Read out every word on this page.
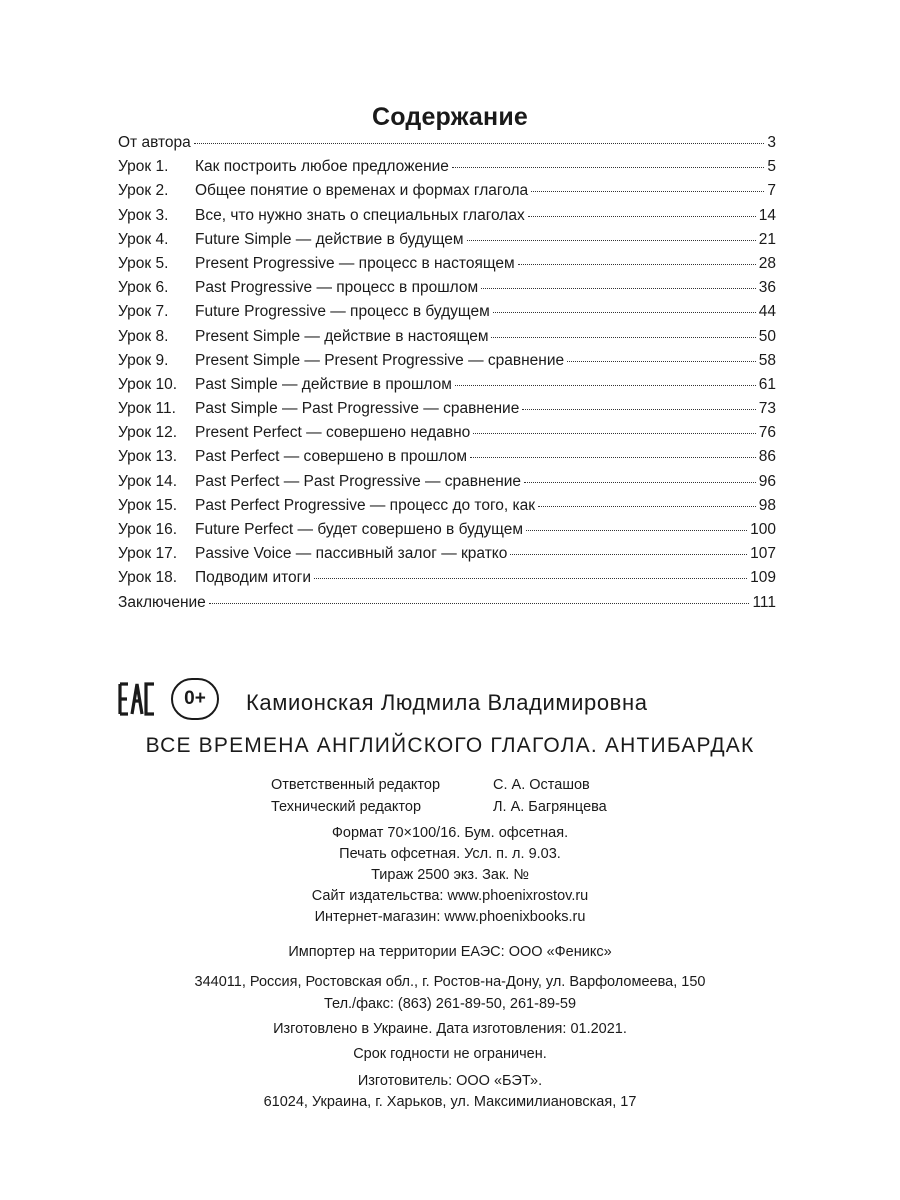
Содержание
От автора	3
Урок 1.	Как построить любое предложение	5
Урок 2.	Общее понятие о временах и формах глагола	7
Урок 3.	Все, что нужно знать о специальных глаголах	14
Урок 4.	Future Simple — действие в будущем	21
Урок 5.	Present Progressive — процесс в настоящем	28
Урок 6.	Past Progressive — процесс в прошлом	36
Урок 7.	Future Progressive — процесс в будущем	44
Урок 8.	Present Simple — действие в настоящем	50
Урок 9.	Present Simple — Present Progressive — сравнение	58
Урок 10.	Past Simple — действие в прошлом	61
Урок 11.	Past Simple — Past Progressive — сравнение	73
Урок 12.	Present Perfect — совершено недавно	76
Урок 13.	Past Perfect — совершено в прошлом	86
Урок 14.	Past Perfect — Past Progressive — сравнение	96
Урок 15.	Past Perfect Progressive — процесс до того, как	98
Урок 16.	Future Perfect — будет совершено в будущем	100
Урок 17.	Passive Voice — пассивный залог — кратко	107
Урок 18.	Подводим итоги	109
Заключение	111
0+	Камионская Людмила Владимировна
ВСЕ ВРЕМЕНА АНГЛИЙСКОГО ГЛАГОЛА. АНТИБАРДАК
Ответственный редактор	С. А. Осташов
Технический редактор	Л. А. Багрянцева
Формат 70×100/16. Бум. офсетная.
Печать офсетная. Усл. п. л. 9.03.
Тираж 2500 экз. Зак. №
Сайт издательства: www.phoenixrostov.ru
Интернет-магазин: www.phoenixbooks.ru
Импортер на территории ЕАЭС: ООО «Феникс»
344011, Россия, Ростовская обл., г. Ростов-на-Дону, ул. Варфоломеева, 150
Тел./факс: (863) 261-89-50, 261-89-59
Изготовлено в Украине. Дата изготовления: 01.2021.
Срок годности не ограничен.
Изготовитель: ООО «БЭТ».
61024, Украина, г. Харьков, ул. Максимилиановская, 17
